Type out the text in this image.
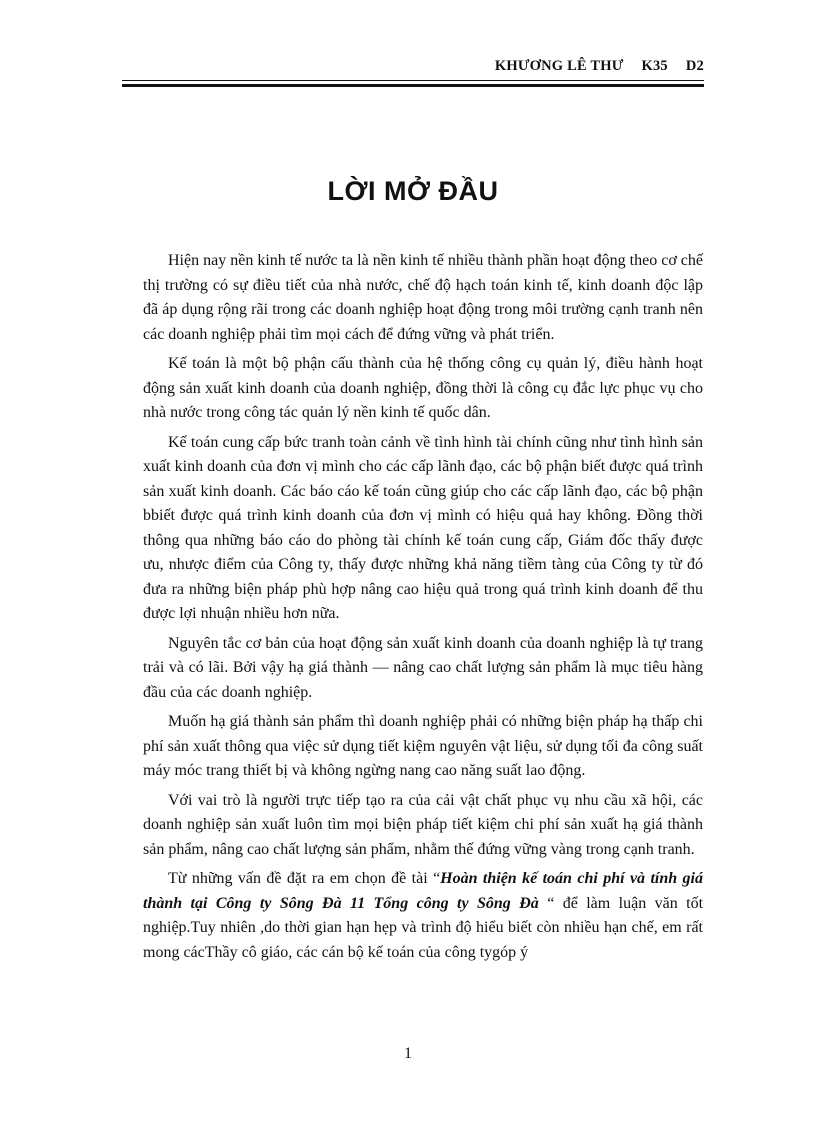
KHƯƠNG LÊ THƯ K35 D2
LỜI MỞ ĐẦU

Hiện nay nền kinh tế nước ta là nền kinh tế nhiều thành phần hoạt động theo cơ chế thị trường có sự điều tiết của nhà nước, chế độ hạch toán kinh tế, kinh doanh độc lập đã áp dụng rộng rãi trong các doanh nghiệp hoạt động trong môi trường cạnh tranh nên các doanh nghiệp phải tìm mọi cách để đứng vững và phát triển.

Kế toán là một bộ phận cấu thành của hệ thống công cụ quản lý, điều hành hoạt động sản xuất kinh doanh của doanh nghiệp, đồng thời là công cụ đắc lực phục vụ cho nhà nước trong công tác quản lý nền kinh tế quốc dân.

Kế toán cung cấp bức tranh toàn cảnh về tình hình tài chính cũng như tình hình sản xuất kinh doanh của đơn vị mình cho các cấp lãnh đạo, các bộ phận biết được quá trình sản xuất kinh doanh. Các báo cáo kế toán cũng giúp cho các cấp lãnh đạo, các bộ phận bbiết được quá trình kinh doanh của đơn vị mình có hiệu quả hay không. Đồng thời thông qua những báo cáo do phòng tài chính kế toán cung cấp, Giám đốc thấy được ưu, nhược điểm của Công ty, thấy được những khả năng tiềm tàng của Công ty từ đó đưa ra những biện pháp phù hợp nâng cao hiệu quả trong quá trình kinh doanh để thu được lợi nhuận nhiều hơn nữa.

Nguyên tắc cơ bản của hoạt động sản xuất kinh doanh của doanh nghiệp là tự trang trải và có lãi. Bởi vậy hạ giá thành — nâng cao chất lượng sản phẩm là mục tiêu hàng đầu của các doanh nghiệp.

Muốn hạ giá thành sản phẩm thì doanh nghiệp phải có những biện pháp hạ thấp chi phí sản xuất thông qua việc sử dụng tiết kiệm nguyên vật liệu, sử dụng tối đa công suất máy móc trang thiết bị và không ngừng nang cao năng suất lao động.

Với vai trò là người trực tiếp tạo ra của cải vật chất phục vụ nhu cầu xã hội, các doanh nghiệp sản xuất luôn tìm mọi biện pháp tiết kiệm chi phí sản xuất hạ giá thành sản phẩm, nâng cao chất lượng sản phẩm, nhằm thế đứng vững vàng trong cạnh tranh.

Từ những vấn đề đặt ra em chọn đề tài “Hoàn thiện kế toán chi phí và tính giá thành tại Công ty Sông Đà 11 Tổng công ty Sông Đà “ để làm luận văn tốt nghiệp.Tuy nhiên ,do thời gian hạn hẹp và trình độ hiểu biết còn nhiều hạn chế, em rất mong cácThầy cô giáo, các cán bộ kế toán của công tygóp ý

1
